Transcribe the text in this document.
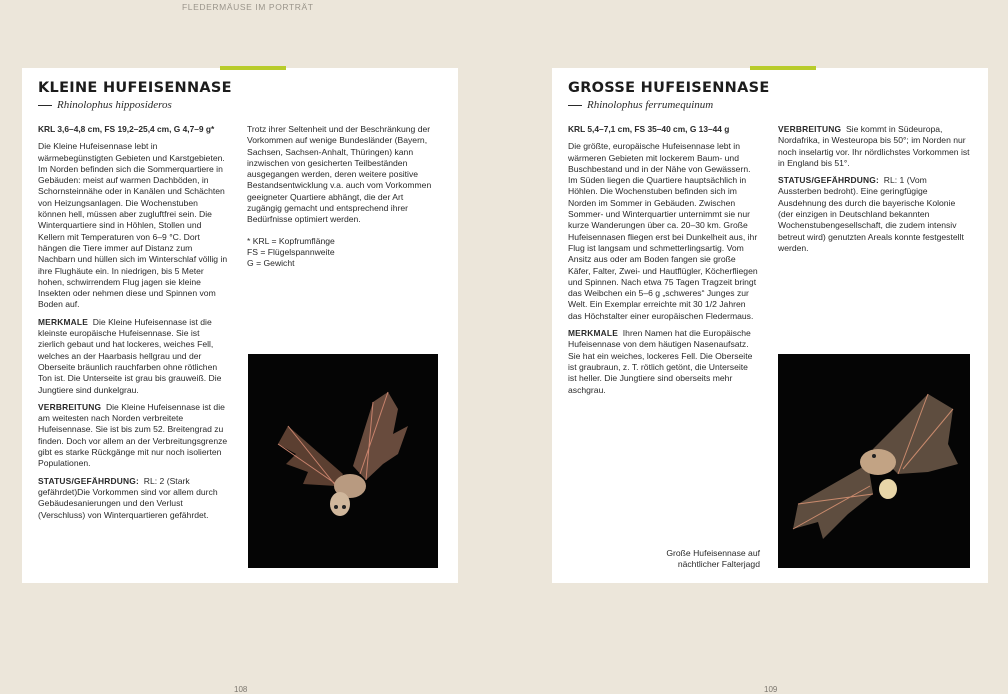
FLEDERMÄUSE IM PORTRÄT
KLEINE HUFEISENNASE
Rhinolophus hipposideros

KRL 3,6–4,8 cm, FS 19,2–25,4 cm, G 4,7–9 g*

Die Kleine Hufeisennase lebt in wärmebegünstigten Gebieten und Karstgebieten. Im Norden befinden sich die Sommerquartiere in Gebäuden: meist auf warmen Dachböden, in Schornsteinnähe oder in Kanälen und Schächten von Heizungsanlagen. Die Wochenstuben können hell, müssen aber zugluftfrei sein. Die Winterquartiere sind in Höhlen, Stollen und Kellern mit Temperaturen von 6–9 °C. Dort hängen die Tiere immer auf Distanz zum Nachbarn und hüllen sich im Winterschlaf völlig in ihre Flughäute ein. In niedrigen, bis 5 Meter hohen, schwirrendem Flug jagen sie kleine Insekten oder nehmen diese und Spinnen vom Boden auf.

MERKMALE Die Kleine Hufeisennase ist die kleinste europäische Hufeisennase. Sie ist zierlich gebaut und hat lockeres, weiches Fell, welches an der Haarbasis hellgrau und der Oberseite bräunlich rauchfarben ohne rötlichen Ton ist. Die Unterseite ist grau bis grauweiß. Die Jungtiere sind dunkelgrau.

VERBREITUNG Die Kleine Hufeisennase ist die am weitesten nach Norden verbreitete Hufeisennase. Sie ist bis zum 52. Breitengrad zu finden. Doch vor allem an der Verbreitungsgrenze gibt es starke Rückgänge mit nur noch isolierten Populationen.

STATUS/GEFÄHRDUNG: RL: 2 (Stark gefährdet)Die Vorkommen sind vor allem durch Gebäudesanierungen und den Verlust (Verschluss) von Winterquartieren gefährdet.

Trotz ihrer Seltenheit und der Beschränkung der Vorkommen auf wenige Bundesländer (Bayern, Sachsen, Sachsen-Anhalt, Thüringen) kann inzwischen von gesicherten Teilbeständen ausgegangen werden, deren weitere positive Bestandsentwicklung v.a. auch vom Vorkommen geeigneter Quartiere abhängt, die der Art zugängig gemacht und entsprechend ihrer Bedürfnisse optimiert werden.

* KRL = Kopfrumflänge
FS = Flügelspannweite
G = Gewicht
108
GROSSE HUFEISENNASE
Rhinolophus ferrumequinum

KRL 5,4–7,1 cm, FS 35–40 cm, G 13–44 g

Die größte, europäische Hufeisennase lebt in wärmeren Gebieten mit lockerem Baum- und Buschbestand und in der Nähe von Gewässern. Im Süden liegen die Quartiere hauptsächlich in Höhlen. Die Wochenstuben befinden sich im Norden im Sommer in Gebäuden. Zwischen Sommer- und Winterquartier unternimmt sie nur kurze Wanderungen über ca. 20–30 km. Große Hufeisennasen fliegen erst bei Dunkelheit aus, ihr Flug ist langsam und schmetterlingsartig. Vom Ansitz aus oder am Boden fangen sie große Käfer, Falter, Zwei- und Hautflügler, Köcherfliegen und Spinnen. Nach etwa 75 Tagen Tragzeit bringt das Weibchen ein 5–6 g „schweres“ Junges zur Welt. Ein Exemplar erreichte mit 30 1/2 Jahren das Höchstalter einer europäischen Fledermaus.

MERKMALE Ihren Namen hat die Europäische Hufeisennase von dem häutigen Nasenaufsatz. Sie hat ein weiches, lockeres Fell. Die Oberseite ist graubraun, z. T. rötlich getönt, die Unterseite ist heller. Die Jungtiere sind oberseits mehr aschgrau.

VERBREITUNG Sie kommt in Südeuropa, Nordafrika, in Westeuropa bis 50°; im Norden nur noch inselartig vor. Ihr nördlichstes Vorkommen ist in England bis 51°.

STATUS/GEFÄHRDUNG: RL: 1 (Vom Aussterben bedroht). Eine geringfügige Ausdehnung des durch die bayerische Kolonie (der einzigen in Deutschland bekannten Wochenstubengesellschaft, die zudem intensiv betreut wird) genutzten Areals konnte festgestellt werden.

Große Hufeisennase auf
nächtlicher Falterjagd
109
